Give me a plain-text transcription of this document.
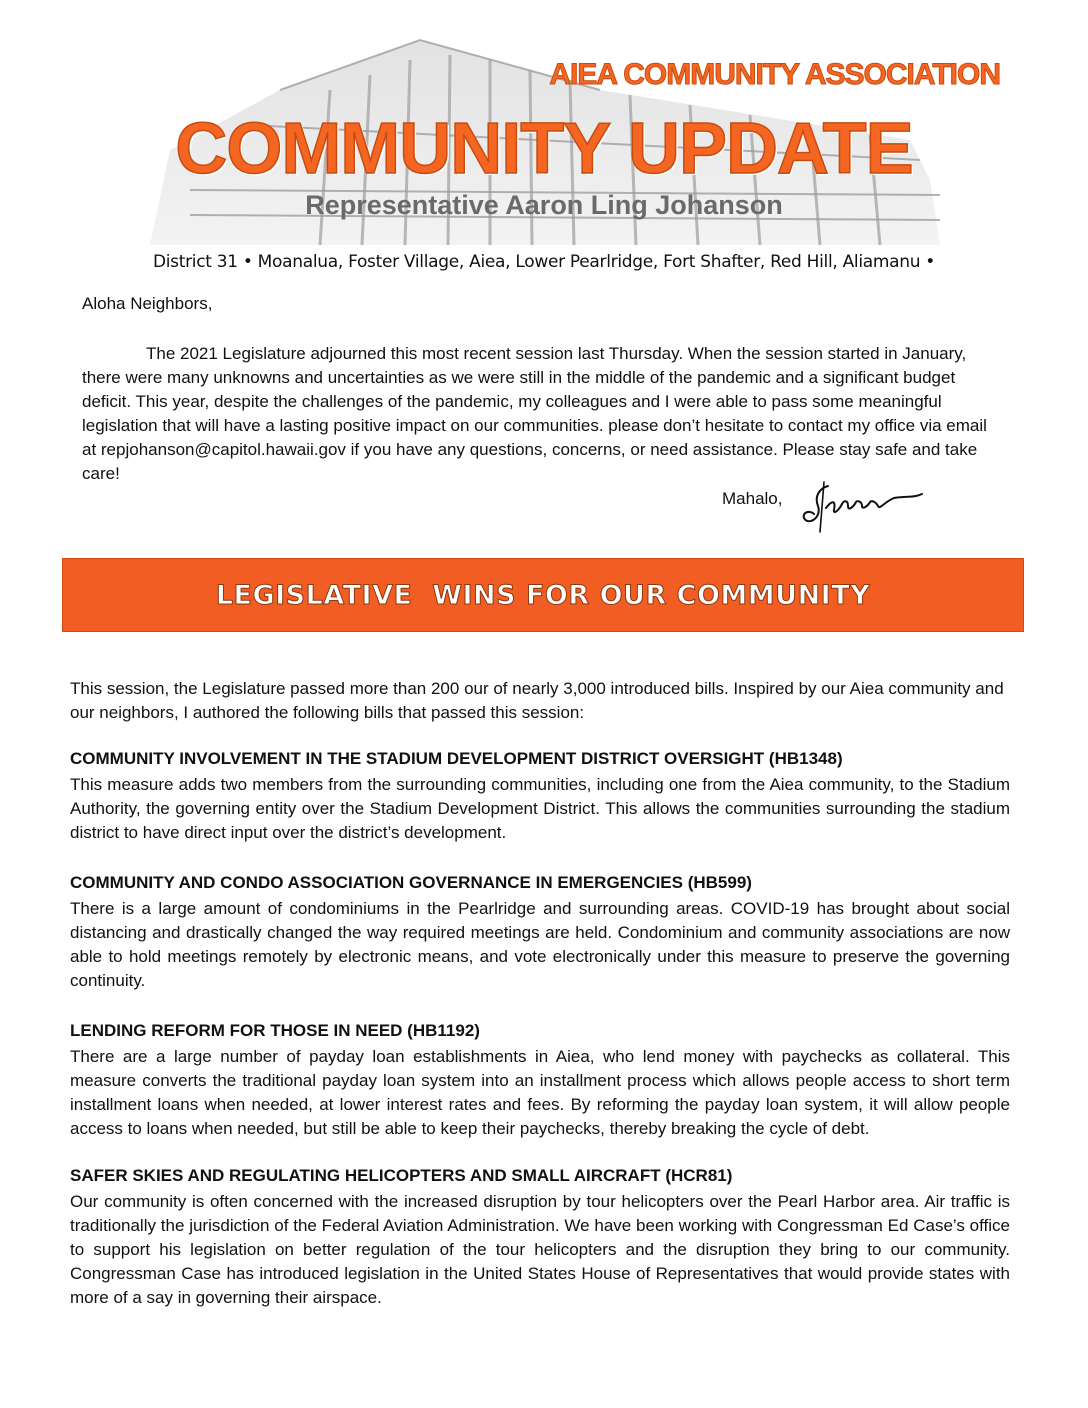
AIEA COMMUNITY ASSOCIATION
COMMUNITY UPDATE
Representative Aaron Ling Johanson
District 31 • Moanalua, Foster Village, Aiea, Lower Pearlridge, Fort Shafter, Red Hill, Aliamanu •
Aloha Neighbors,

The 2021 Legislature adjourned this most recent session last Thursday. When the session started in January, there were many unknowns and uncertainties as we were still in the middle of the pandemic and a significant budget deficit. This year, despite the challenges of the pandemic, my colleagues and I were able to pass some meaningful legislation that will have a lasting positive impact on our communities. please don’t hesitate to contact my office via email at repjohanson@capitol.hawaii.gov if you have any questions, concerns, or need assistance. Please stay safe and take care!

Mahalo,
LEGISLATIVE  WINS FOR OUR COMMUNITY

This session, the Legislature passed more than 200 our of nearly 3,000 introduced bills. Inspired by our Aiea community and our neighbors, I authored the following bills that passed this session:

COMMUNITY INVOLVEMENT IN THE STADIUM DEVELOPMENT DISTRICT OVERSIGHT (HB1348)

This measure adds two members from the surrounding communities, including one from the Aiea community, to the Stadium Authority, the governing entity over the Stadium Development District. This allows the communities surrounding the stadium district to have direct input over the district’s development.

COMMUNITY AND CONDO ASSOCIATION GOVERNANCE IN EMERGENCIES (HB599)

There is a large amount of condominiums in the Pearlridge and surrounding areas. COVID-19 has brought about social distancing and drastically changed the way required meetings are held. Condominium and community associations are now able to hold meetings remotely by electronic means, and vote electronically under this measure to preserve the governing continuity.

LENDING REFORM FOR THOSE IN NEED (HB1192)

There are a large number of payday loan establishments in Aiea, who lend money with paychecks as collateral. This measure converts the traditional payday loan system into an installment process which allows people access to short term installment loans when needed, at lower interest rates and fees. By reforming the payday loan system, it will allow people access to loans when needed, but still be able to keep their paychecks, thereby breaking the cycle of debt.

SAFER SKIES AND REGULATING HELICOPTERS AND SMALL AIRCRAFT (HCR81)

Our community is often concerned with the increased disruption by tour helicopters over the Pearl Harbor area. Air traffic is traditionally the jurisdiction of the Federal Aviation Administration. We have been working with Congressman Ed Case’s office to support his legislation on better regulation of the tour helicopters and the disruption they bring to our community. Congressman Case has introduced legislation in the United States House of Representatives that would provide states with more of a say in governing their airspace.
